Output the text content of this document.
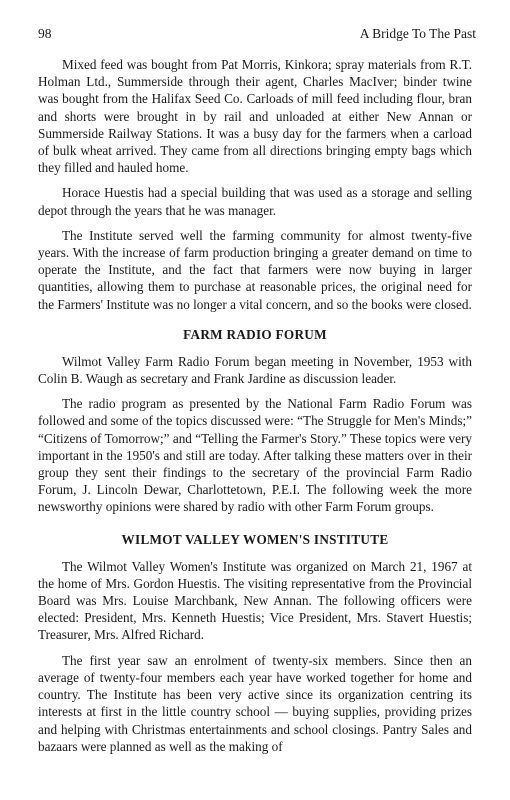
98	A Bridge To The Past

Mixed feed was bought from Pat Morris, Kinkora; spray materials from R.T. Holman Ltd., Summerside through their agent, Charles MacIver; binder twine was bought from the Halifax Seed Co. Carloads of mill feed including flour, bran and shorts were brought in by rail and unloaded at either New Annan or Summerside Railway Stations. It was a busy day for the farmers when a carload of bulk wheat arrived. They came from all directions bringing empty bags which they filled and hauled home.

Horace Huestis had a special building that was used as a storage and selling depot through the years that he was manager.

The Institute served well the farming community for almost twenty-five years. With the increase of farm production bringing a greater demand on time to operate the Institute, and the fact that farmers were now buying in larger quantities, allowing them to purchase at reasonable prices, the original need for the Farmers' Institute was no longer a vital concern, and so the books were closed.

FARM RADIO FORUM

Wilmot Valley Farm Radio Forum began meeting in November, 1953 with Colin B. Waugh as secretary and Frank Jardine as discussion leader.

The radio program as presented by the National Farm Radio Forum was followed and some of the topics discussed were: “The Struggle for Men's Minds;” “Citizens of Tomorrow;” and “Telling the Farmer's Story.” These topics were very important in the 1950's and still are today. After talking these matters over in their group they sent their findings to the secretary of the provincial Farm Radio Forum, J. Lincoln Dewar, Charlottetown, P.E.I. The following week the more newsworthy opinions were shared by radio with other Farm Forum groups.

WILMOT VALLEY WOMEN'S INSTITUTE

The Wilmot Valley Women's Institute was organized on March 21, 1967 at the home of Mrs. Gordon Huestis. The visiting representative from the Provincial Board was Mrs. Louise Marchbank, New Annan. The following officers were elected: President, Mrs. Kenneth Huestis; Vice President, Mrs. Stavert Huestis; Treasurer, Mrs. Alfred Richard.

The first year saw an enrolment of twenty-six members. Since then an average of twenty-four members each year have worked together for home and country. The Institute has been very active since its organization centring its interests at first in the little country school — buying supplies, providing prizes and helping with Christmas entertainments and school closings. Pantry Sales and bazaars were planned as well as the making of
